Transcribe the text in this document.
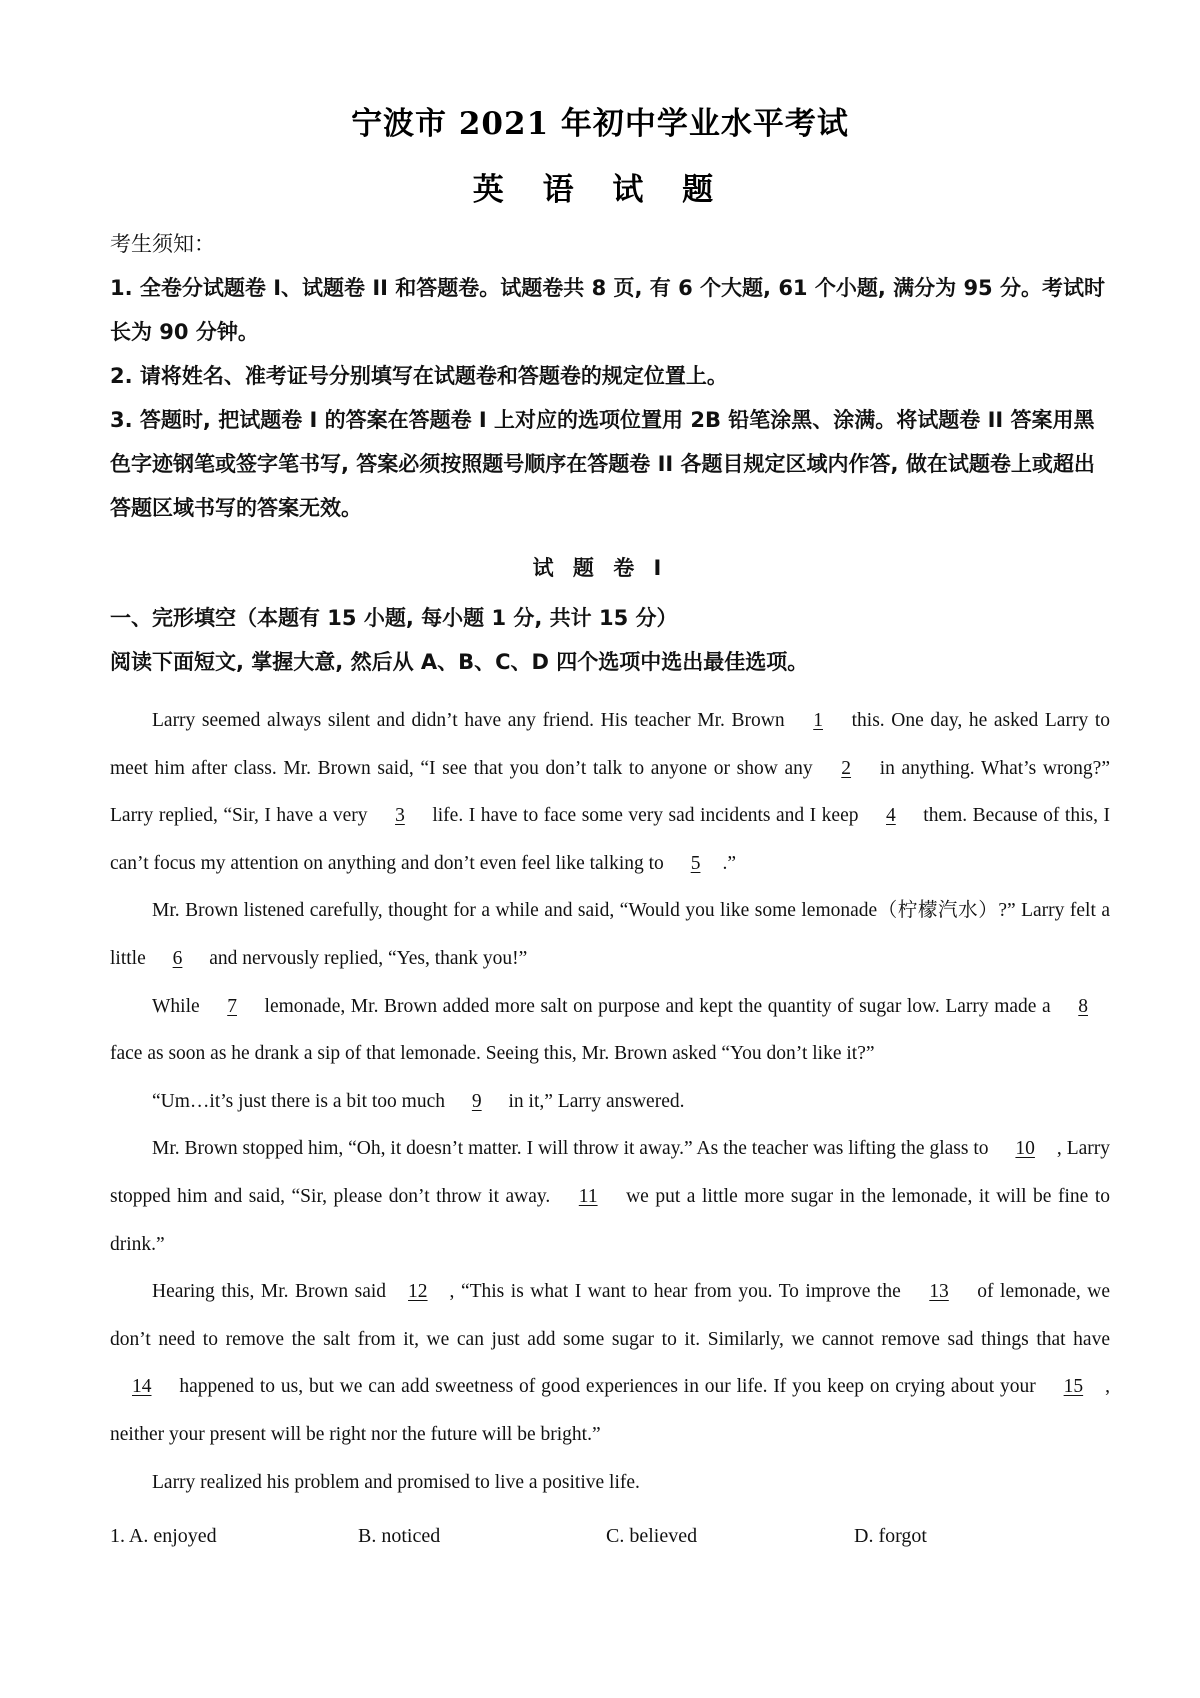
宁波市 2021 年初中学业水平考试
英 语 试 题
考生须知：
1. 全卷分试题卷 I、试题卷 II 和答题卷。试题卷共 8 页, 有 6 个大题, 61 个小题, 满分为 95 分。考试时长为 90 分钟。
2. 请将姓名、准考证号分别填写在试题卷和答题卷的规定位置上。
3. 答题时, 把试题卷 I 的答案在答题卷 I 上对应的选项位置用 2B 铅笔涂黑、涂满。将试题卷 II 答案用黑色字迹钢笔或签字笔书写, 答案必须按照题号顺序在答题卷 II 各题目规定区域内作答, 做在试题卷上或超出答题区域书写的答案无效。
试 题 卷 I
一、完形填空（本题有 15 小题, 每小题 1 分, 共计 15 分）
阅读下面短文, 掌握大意, 然后从 A、B、C、D 四个选项中选出最佳选项。

Larry seemed always silent and didn’t have any friend. His teacher Mr. Brown 1 this. One day, he asked Larry to meet him after class. Mr. Brown said, “I see that you don’t talk to anyone or show any 2 in anything. What’s wrong?” Larry replied, “Sir, I have a very 3 life. I have to face some very sad incidents and I keep 4 them. Because of this, I can’t focus my attention on anything and don’t even feel like talking to 5 .”

Mr. Brown listened carefully, thought for a while and said, “Would you like some lemonade（柠檬汽水）?” Larry felt a little 6 and nervously replied, “Yes, thank you!”

While 7 lemonade, Mr. Brown added more salt on purpose and kept the quantity of sugar low. Larry made a 8 face as soon as he drank a sip of that lemonade. Seeing this, Mr. Brown asked “You don’t like it?”

“Um…it’s just there is a bit too much 9 in it,” Larry answered.

Mr. Brown stopped him, “Oh, it doesn’t matter. I will throw it away.” As the teacher was lifting the glass to 10 , Larry stopped him and said, “Sir, please don’t throw it away. 11 we put a little more sugar in the lemonade, it will be fine to drink.”

Hearing this, Mr. Brown said 12 , “This is what I want to hear from you. To improve the 13 of lemonade, we don’t need to remove the salt from it, we can just add some sugar to it. Similarly, we cannot remove sad things that have 14 happened to us, but we can add sweetness of good experiences in our life. If you keep on crying about your 15 , neither your present will be right nor the future will be bright.”

Larry realized his problem and promised to live a positive life.

1. A. enjoyed	B. noticed	C. believed	D. forgot
